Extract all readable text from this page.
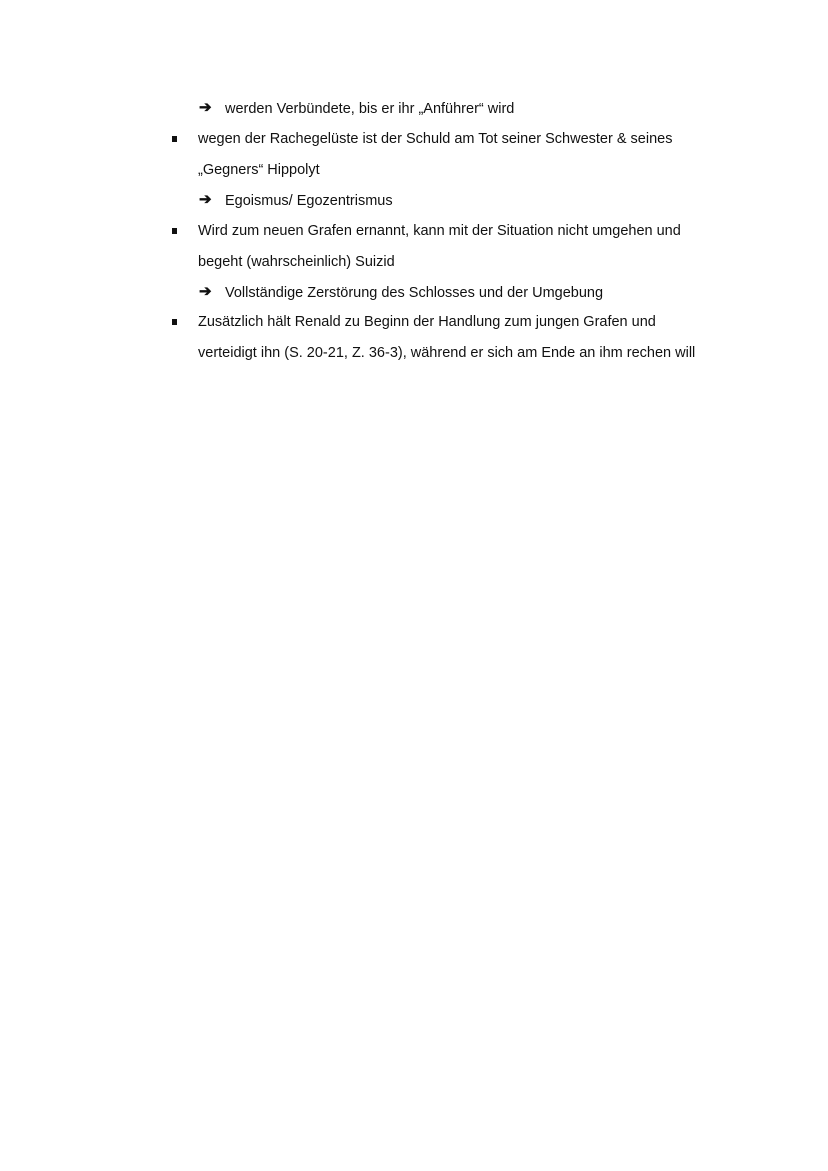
➔ werden Verbündete, bis er ihr „Anführer“ wird
wegen der Rachegelüste ist der Schuld am Tot seiner Schwester & seines
„Gegners“ Hippolyt
➔ Egoismus/ Egozentrismus
Wird zum neuen Grafen ernannt, kann mit der Situation nicht umgehen und
begeht (wahrscheinlich) Suizid
➔ Vollständige Zerstörung des Schlosses und der Umgebung
Zusätzlich hält Renald zu Beginn der Handlung zum jungen Grafen und
verteidigt ihn (S. 20-21, Z. 36-3), während er sich am Ende an ihm rechen will
